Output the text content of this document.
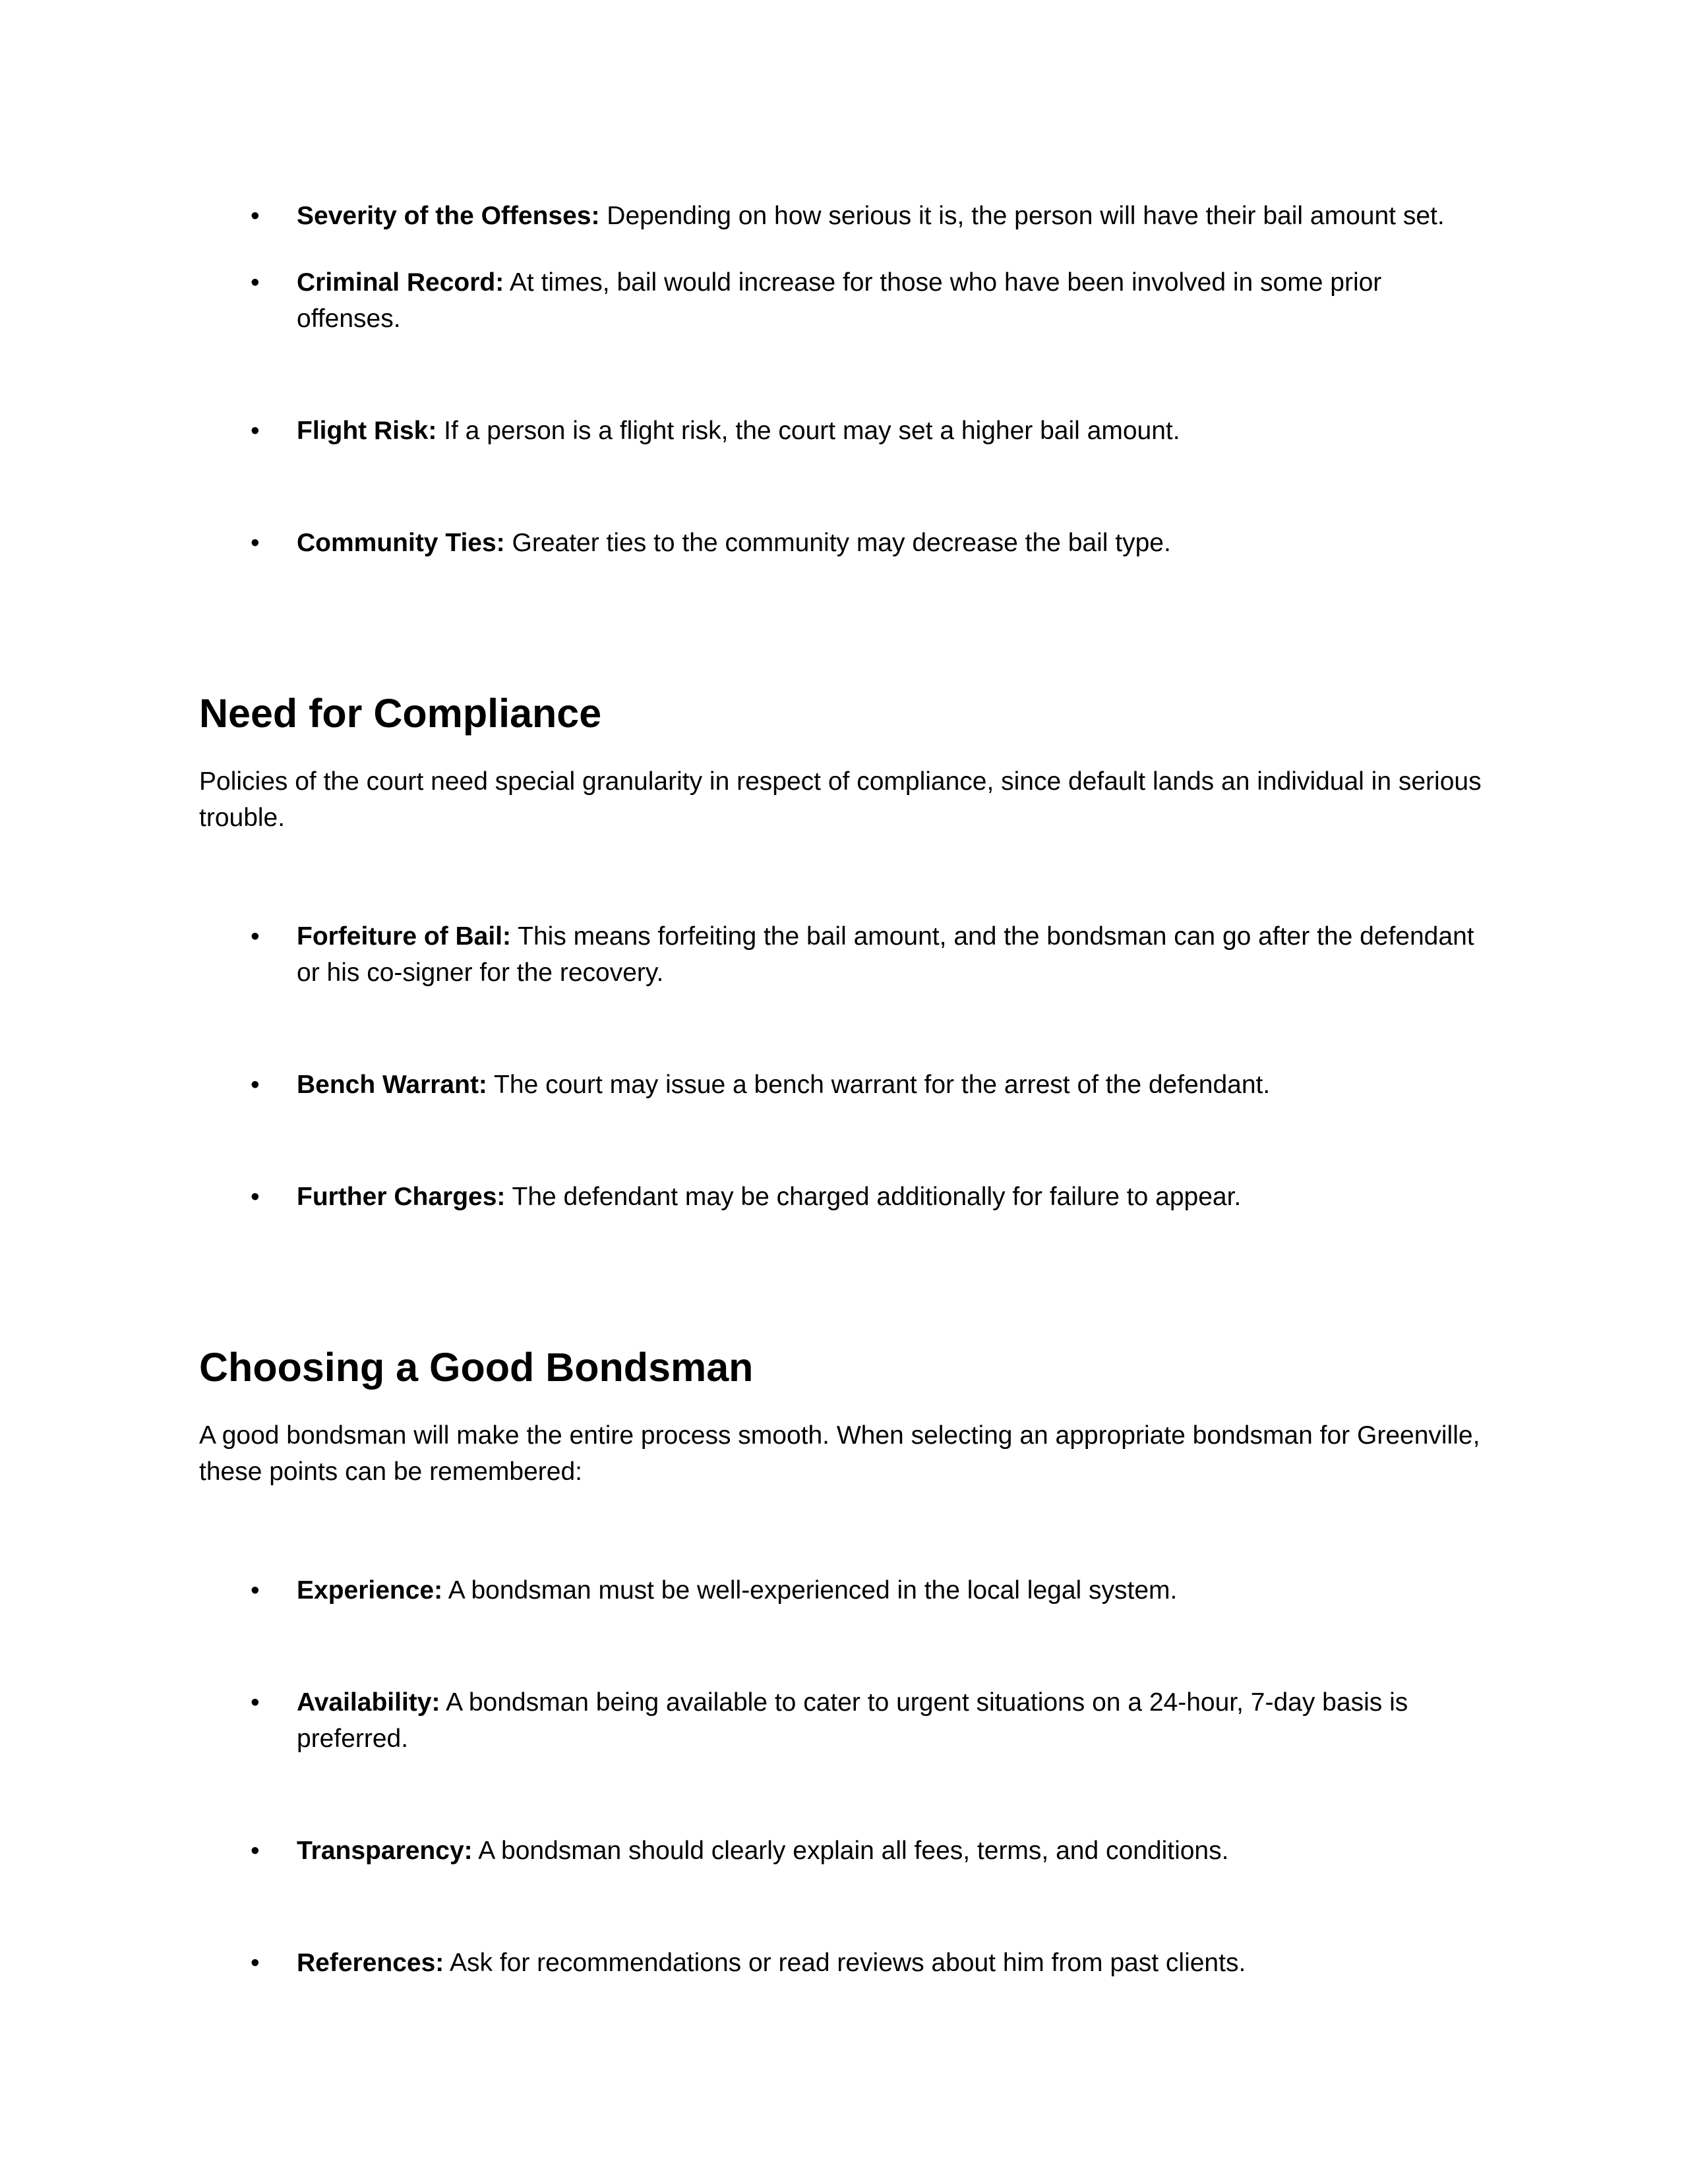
• Severity of the Offenses: Depending on how serious it is, the person will have their bail amount set.
• Criminal Record: At times, bail would increase for those who have been involved in some prior offenses.
• Flight Risk: If a person is a flight risk, the court may set a higher bail amount.
• Community Ties: Greater ties to the community may decrease the bail type.
Need for Compliance

Policies of the court need special granularity in respect of compliance, since default lands an individual in serious trouble.

• Forfeiture of Bail: This means forfeiting the bail amount, and the bondsman can go after the defendant or his co-signer for the recovery.
• Bench Warrant: The court may issue a bench warrant for the arrest of the defendant.
• Further Charges: The defendant may be charged additionally for failure to appear.
Choosing a Good Bondsman

A good bondsman will make the entire process smooth. When selecting an appropriate bondsman for Greenville, these points can be remembered:

• Experience: A bondsman must be well-experienced in the local legal system.
• Availability: A bondsman being available to cater to urgent situations on a 24-hour, 7-day basis is preferred.
• Transparency: A bondsman should clearly explain all fees, terms, and conditions.
• References: Ask for recommendations or read reviews about him from past clients.
